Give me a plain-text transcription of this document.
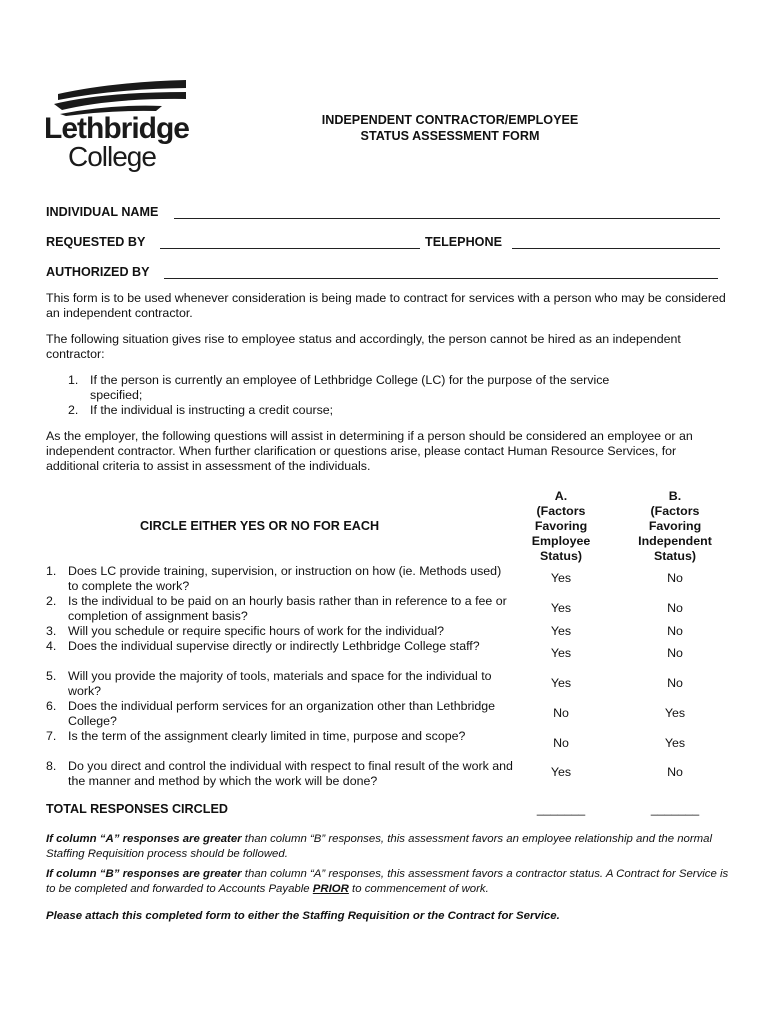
Lethbridge
College
INDEPENDENT CONTRACTOR/EMPLOYEE
STATUS ASSESSMENT FORM
INDIVIDUAL NAME
REQUESTED BY	TELEPHONE
AUTHORIZED BY
This form is to be used whenever consideration is being made to contract for services with a person who may be considered an independent contractor.
The following situation gives rise to employee status and accordingly, the person cannot be hired as an independent contractor:
1. If the person is currently an employee of Lethbridge College (LC) for the purpose of the service specified;
2. If the individual is instructing a credit course;
As the employer, the following questions will assist in determining if a person should be considered an employee or an independent contractor. When further clarification or questions arise, please contact Human Resource Services, for additional criteria to assist in assessment of the individuals.
CIRCLE EITHER YES OR NO FOR EACH
A.
(Factors
Favoring
Employee
Status)
B.
(Factors
Favoring
Independent
Status)
1. Does LC provide training, supervision, or instruction on how (ie. Methods used) to complete the work?
Yes	No
2. Is the individual to be paid on an hourly basis rather than in reference to a fee or completion of assignment basis?
Yes	No
3. Will you schedule or require specific hours of work for the individual?	Yes	No
4. Does the individual supervise directly or indirectly Lethbridge College staff?	Yes	No
5. Will you provide the majority of tools, materials and space for the individual to work?
Yes	No
6. Does the individual perform services for an organization other than Lethbridge College?
No	Yes
7. Is the term of the assignment clearly limited in time, purpose and scope?	No	Yes
8. Do you direct and control the individual with respect to final result of the work and the manner and method by which the work will be done?
Yes	No
TOTAL RESPONSES CIRCLED	_______	_______
If column “A” responses are greater than column “B” responses, this assessment favors an employee relationship and the normal Staffing Requisition process should be followed.
If column “B” responses are greater than column “A” responses, this assessment favors a contractor status. A Contract for Service is to be completed and forwarded to Accounts Payable PRIOR to commencement of work.
Please attach this completed form to either the Staffing Requisition or the Contract for Service.
